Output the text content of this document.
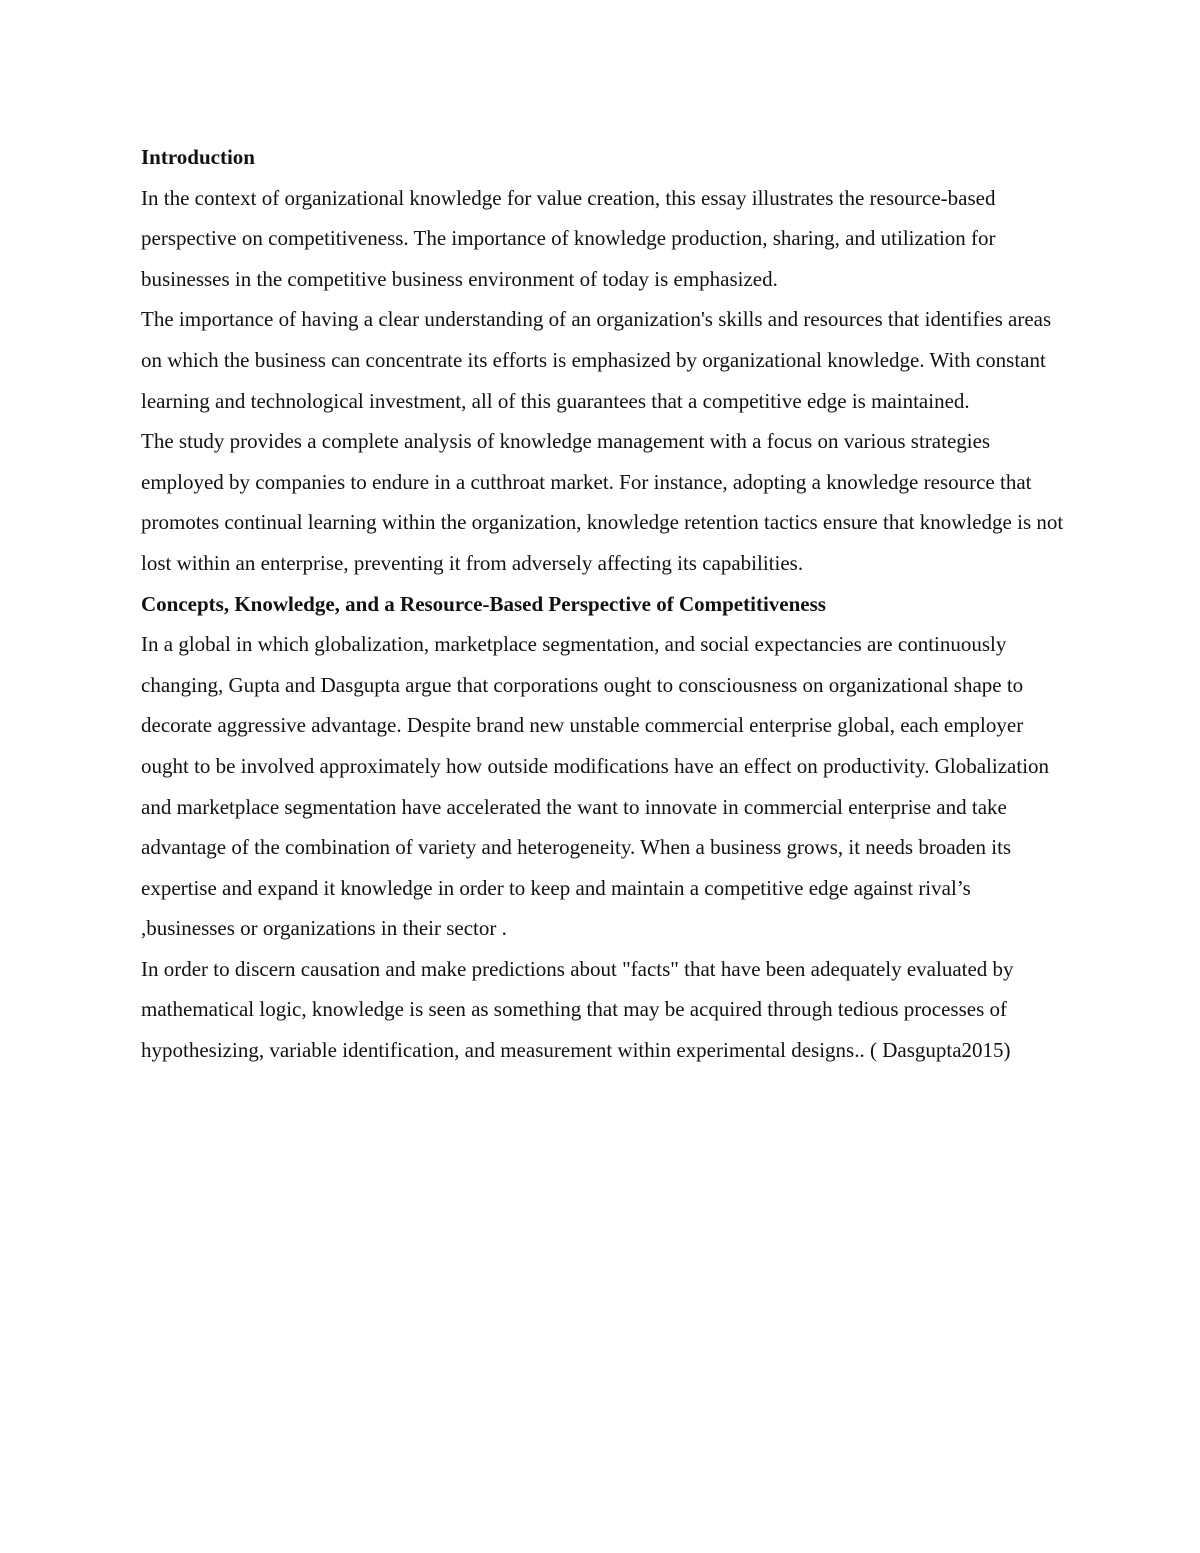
Introduction

In the context of organizational knowledge for value creation, this essay illustrates the resource-based perspective on competitiveness. The importance of knowledge production, sharing, and utilization for businesses in the competitive business environment of today is emphasized.

The importance of having a clear understanding of an organization's skills and resources that identifies areas on which the business can concentrate its efforts is emphasized by organizational knowledge. With constant learning and technological investment, all of this guarantees that a competitive edge is maintained.

The study provides a complete analysis of knowledge management with a focus on various strategies employed by companies to endure in a cutthroat market. For instance, adopting a knowledge resource that promotes continual learning within the organization, knowledge retention tactics ensure that knowledge is not lost within an enterprise, preventing it from adversely affecting its capabilities.

Concepts, Knowledge, and a Resource-Based Perspective of Competitiveness

In a global in which globalization, marketplace segmentation, and social expectancies are continuously changing, Gupta and Dasgupta argue that corporations ought to consciousness on organizational shape to decorate aggressive advantage. Despite brand new unstable commercial enterprise global, each employer ought to be involved approximately how outside modifications have an effect on productivity. Globalization and marketplace segmentation have accelerated the want to innovate in commercial enterprise and take advantage of the combination of variety and heterogeneity. When a business grows, it needs broaden its expertise and expand it knowledge in order to keep and maintain a competitive edge against rival’s ,businesses or organizations in their sector .

In order to discern causation and make predictions about "facts" that have been adequately evaluated by mathematical logic, knowledge is seen as something that may be acquired through tedious processes of hypothesizing, variable identification, and measurement within experimental designs.. ( Dasgupta2015)
